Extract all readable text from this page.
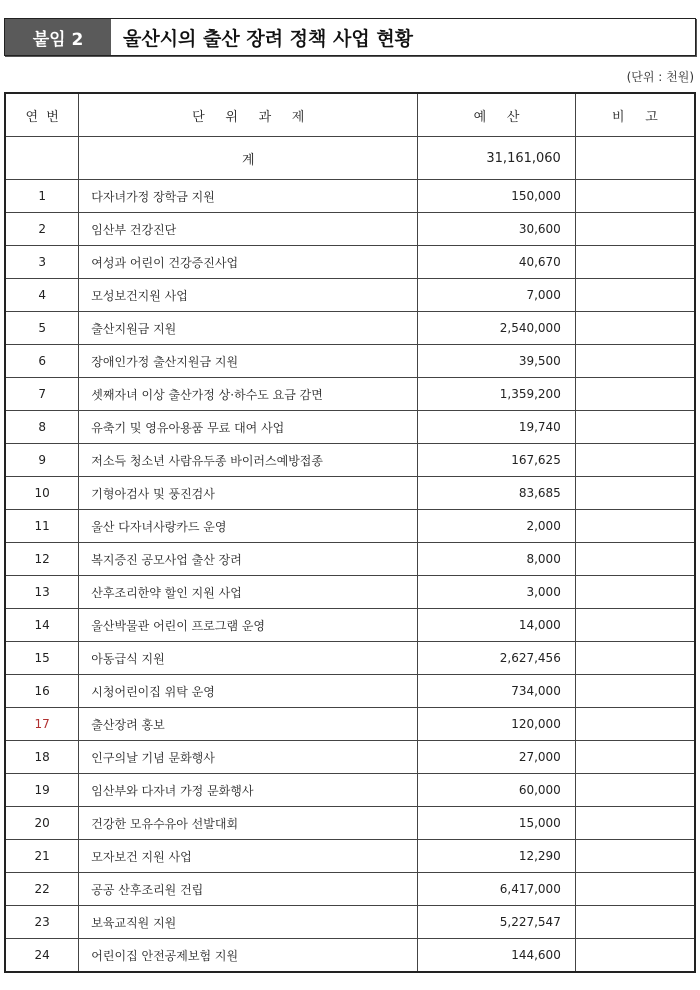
붙임 2	울산시의 출산 장려 정책 사업 현황
(단위 : 천원)
연  번	단     위     과     제	예     산	비     고
	계	31,161,060	
1	다자녀가정 장학금 지원	150,000	
2	임산부 건강진단	30,600	
3	여성과 어린이 건강증진사업	40,670	
4	모성보건지원 사업	7,000	
5	출산지원금 지원	2,540,000	
6	장애인가정 출산지원금 지원	39,500	
7	셋째자녀 이상 출산가정 상·하수도 요금 감면	1,359,200	
8	유축기 및 영유아용품 무료 대여 사업	19,740	
9	저소득 청소년 사람유두종 바이러스예방접종	167,625	
10	기형아검사 및 풍진검사	83,685	
11	울산 다자녀사랑카드 운영	2,000	
12	복지증진 공모사업 출산 장려	8,000	
13	산후조리한약 할인 지원 사업	3,000	
14	울산박물관 어린이 프로그램 운영	14,000	
15	아동급식 지원	2,627,456	
16	시청어린이집 위탁 운영	734,000	
17	출산장려 홍보	120,000	
18	인구의날 기념 문화행사	27,000	
19	임산부와 다자녀 가정 문화행사	60,000	
20	건강한 모유수유아 선발대회	15,000	
21	모자보건 지원 사업	12,290	
22	공공 산후조리원 건립	6,417,000	
23	보육교직원 지원	5,227,547	
24	어린이집 안전공제보험 지원	144,600	
